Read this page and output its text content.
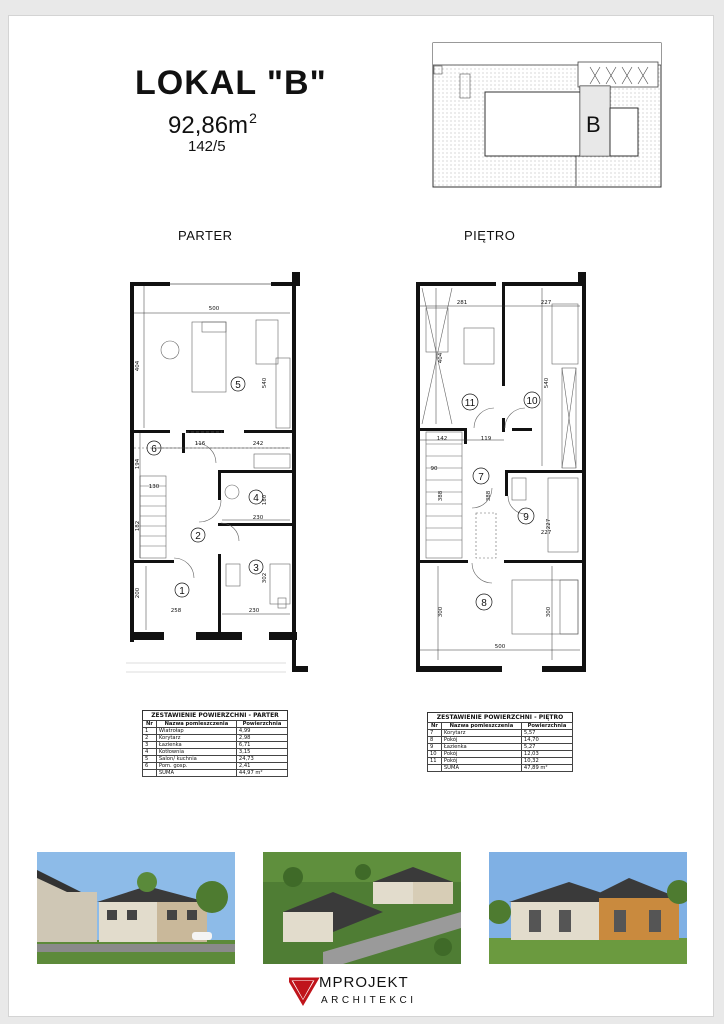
LOKAL "B"
$92,86m^2$
142/5
B
PARTER	PIĘTRO
500
404
540
116	242
194
130
182
200
258
230
230
302
180
1
2
3
4
5
6
281	227
404
540
142	119
90
388	388
227
227
300	300
500
7
8
9
10
11
ZESTAWIENIE POWIERZCHNI - PARTER
Nr	Nazwa pomieszczenia	Powierzchnia
1	Wiatrołap	4,99
2	Korytarz	2,98
3	Łazienka	6,71
4	Kotłownia	3,15
5	Salon/ kuchnia	24,73
6	Pom. gosp.	2,41
	SUMA	44,97 m²
ZESTAWIENIE POWIERZCHNI - PIĘTRO
Nr	Nazwa pomieszczenia	Powierzchnia
7	Korytarz	5,57
8	Pokój	14,70
9	Łazienka	5,27
10	Pokój	12,03
11	Pokój	10,32
	SUMA	47,89 m²
MPROJEKT
ARCHITEKCI
